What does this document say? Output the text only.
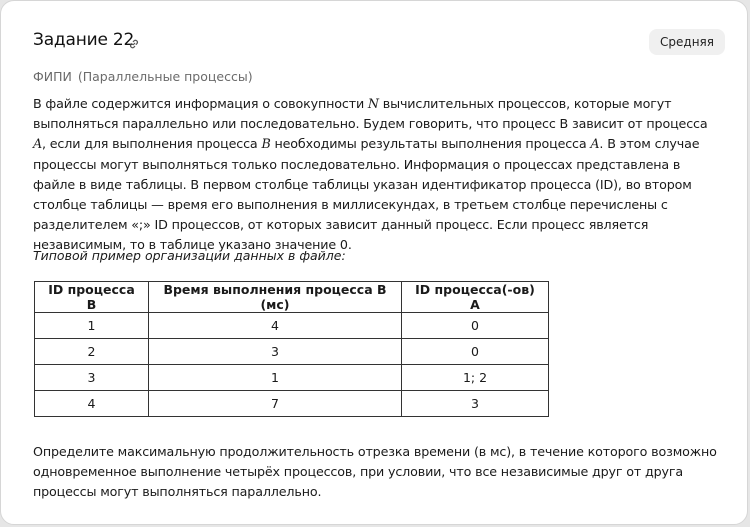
Задание 22	Средняя
ФИПИ (Параллельные процессы)
В файле содержится информация о совокупности N вычислительных процессов, которые могут выполняться параллельно или последовательно. Будем говорить, что процесс B зависит от процесса A, если для выполнения процесса B необходимы результаты выполнения процесса A. В этом случае процессы могут выполняться только последовательно. Информация о процессах представлена в файле в виде таблицы. В первом столбце таблицы указан идентификатор процесса (ID), во втором столбце таблицы — время его выполнения в миллисекундах, в третьем столбце перечислены с разделителем «;» ID процессов, от которых зависит данный процесс. Если процесс является независимым, то в таблице указано значение 0.
Типовой пример организации данных в файле:
ID процесса B	Время выполнения процесса B (мс)	ID процесса(-ов) A
1	4	0
2	3	0
3	1	1; 2
4	7	3
Определите максимальную продолжительность отрезка времени (в мс), в течение которого возможно одновременное выполнение четырёх процессов, при условии, что все независимые друг от друга процессы могут выполняться параллельно.
